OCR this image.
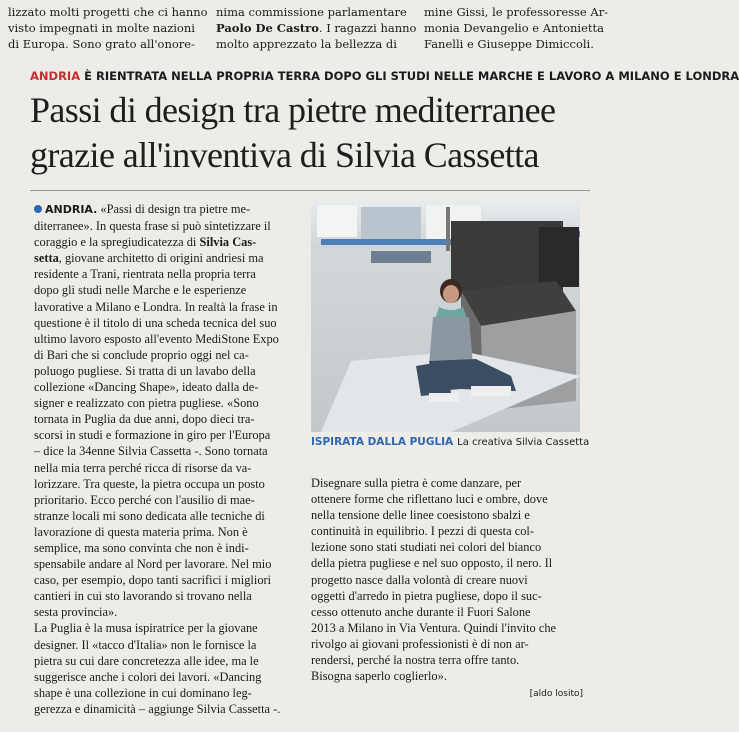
lizzato molti progetti che ci hanno
visto impegnati in molte nazioni
di Europa. Sono grato all'onore-
nima commissione parlamentare
Paolo De Castro. I ragazzi hanno
molto apprezzato la bellezza di
mine Gissi, le professoresse Ar-
monia Devangelio e Antonietta
Fanelli e Giuseppe Dimiccoli.
ANDRIA È RIENTRATA NELLA PROPRIA TERRA DOPO GLI STUDI NELLE MARCHE E LAVORO A MILANO E LONDRA
Passi di design tra pietre mediterranee
grazie all'inventiva di Silvia Cassetta
ANDRIA. «Passi di design tra pietre me-
diterranee». In questa frase si può sintetizzare il
coraggio e la spregiudicatezza di Silvia Cas-
setta, giovane architetto di origini andriesi ma
residente a Trani, rientrata nella propria terra
dopo gli studi nelle Marche e le esperienze
lavorative a Milano e Londra. In realtà la frase in
questione è il titolo di una scheda tecnica del suo
ultimo lavoro esposto all'evento MediStone Expo
di Bari che si conclude proprio oggi nel ca-
poluogo pugliese. Si tratta di un lavabo della
collezione «Dancing Shape», ideato dalla de-
signer e realizzato con pietra pugliese. «Sono
tornata in Puglia da due anni, dopo dieci tra-
scorsi in studi e formazione in giro per l'Europa
– dice la 34enne Silvia Cassetta -. Sono tornata
nella mia terra perché ricca di risorse da va-
lorizzare. Tra queste, la pietra occupa un posto
prioritario. Ecco perché con l'ausilio di mae-
stranze locali mi sono dedicata alle tecniche di
lavorazione di questa materia prima. Non è
semplice, ma sono convinta che non è indi-
spensabile andare al Nord per lavorare. Nel mio
caso, per esempio, dopo tanti sacrifici i migliori
cantieri in cui sto lavorando si trovano nella
sesta provincia».
La Puglia è la musa ispiratrice per la giovane
designer. Il «tacco d'Italia» non le fornisce la
pietra su cui dare concretezza alle idee, ma le
suggerisce anche i colori dei lavori. «Dancing
shape è una collezione in cui dominano leg-
gerezza e dinamicità – aggiunge Silvia Cassetta -.
ISPIRATA DALLA PUGLIA La creativa Silvia Cassetta
Disegnare sulla pietra è come danzare, per
ottenere forme che riflettano luci e ombre, dove
nella tensione delle linee coesistono sbalzi e
continuità in equilibrio. I pezzi di questa col-
lezione sono stati studiati nei colori del bianco
della pietra pugliese e nel suo opposto, il nero. Il
progetto nasce dalla volontà di creare nuovi
oggetti d'arredo in pietra pugliese, dopo il suc-
cesso ottenuto anche durante il Fuori Salone
2013 a Milano in Via Ventura. Quindi l'invito che
rivolgo ai giovani professionisti è di non ar-
rendersi, perché la nostra terra offre tanto.
Bisogna saperlo coglierlo».
[aldo losito]
